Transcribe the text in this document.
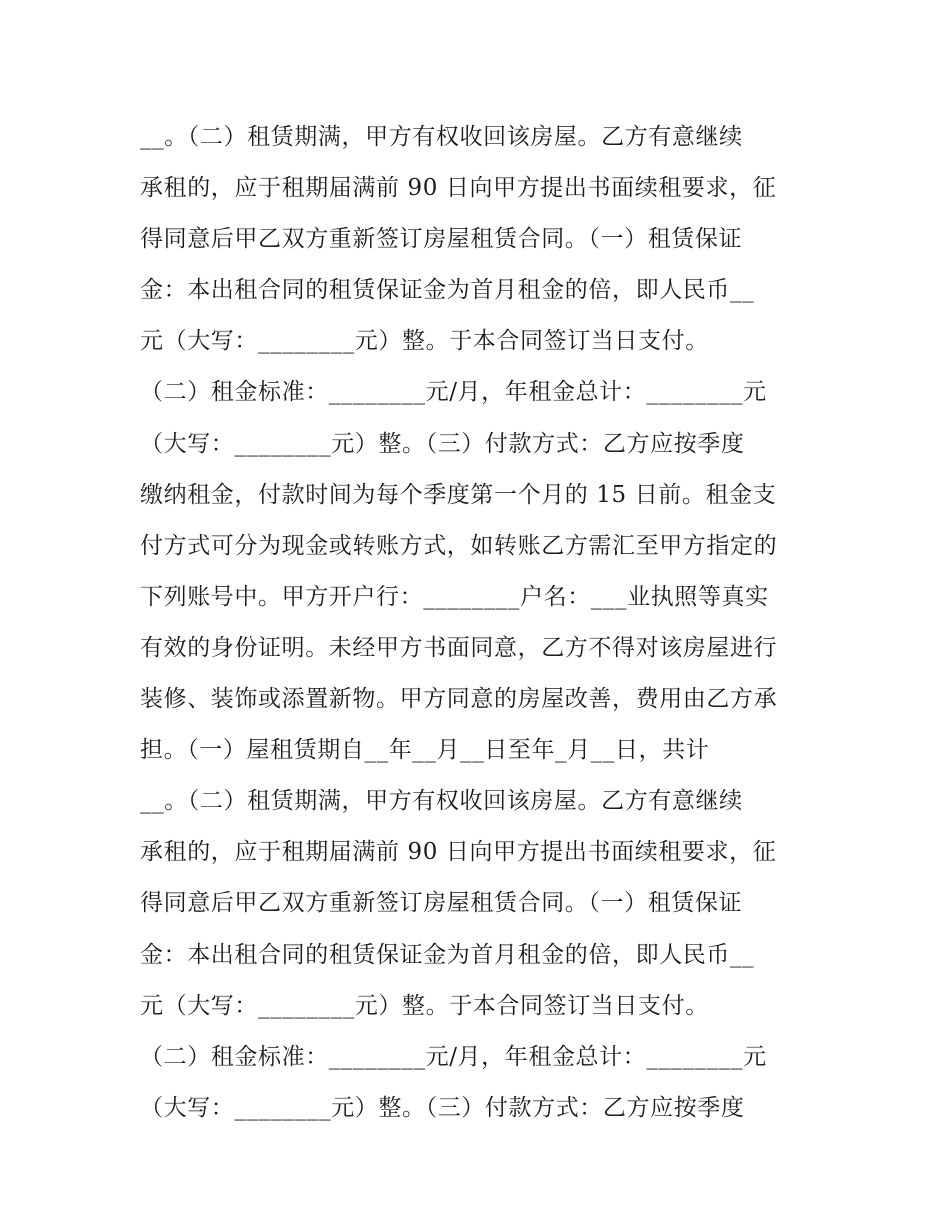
__。（二）租赁期满，甲方有权收回该房屋。乙方有意继续
承租的，应于租期届满前 90 日向甲方提出书面续租要求，征
得同意后甲乙双方重新签订房屋租赁合同。（一）租赁保证
金：本出租合同的租赁保证金为首月租金的倍，即人民币__
元（大写：________元）整。于本合同签订当日支付。
（二）租金标准：________元/月，年租金总计：________元
（大写：________元）整。（三）付款方式：乙方应按季度
缴纳租金，付款时间为每个季度第一个月的 15 日前。租金支
付方式可分为现金或转账方式，如转账乙方需汇至甲方指定的
下列账号中。甲方开户行：________户名：___业执照等真实
有效的身份证明。未经甲方书面同意，乙方不得对该房屋进行
装修、装饰或添置新物。甲方同意的房屋改善，费用由乙方承
担。（一）屋租赁期自__年__月__日至年_月__日，共计
__。（二）租赁期满，甲方有权收回该房屋。乙方有意继续
承租的，应于租期届满前 90 日向甲方提出书面续租要求，征
得同意后甲乙双方重新签订房屋租赁合同。（一）租赁保证
金：本出租合同的租赁保证金为首月租金的倍，即人民币__
元（大写：________元）整。于本合同签订当日支付。
（二）租金标准：________元/月，年租金总计：________元
（大写：________元）整。（三）付款方式：乙方应按季度
